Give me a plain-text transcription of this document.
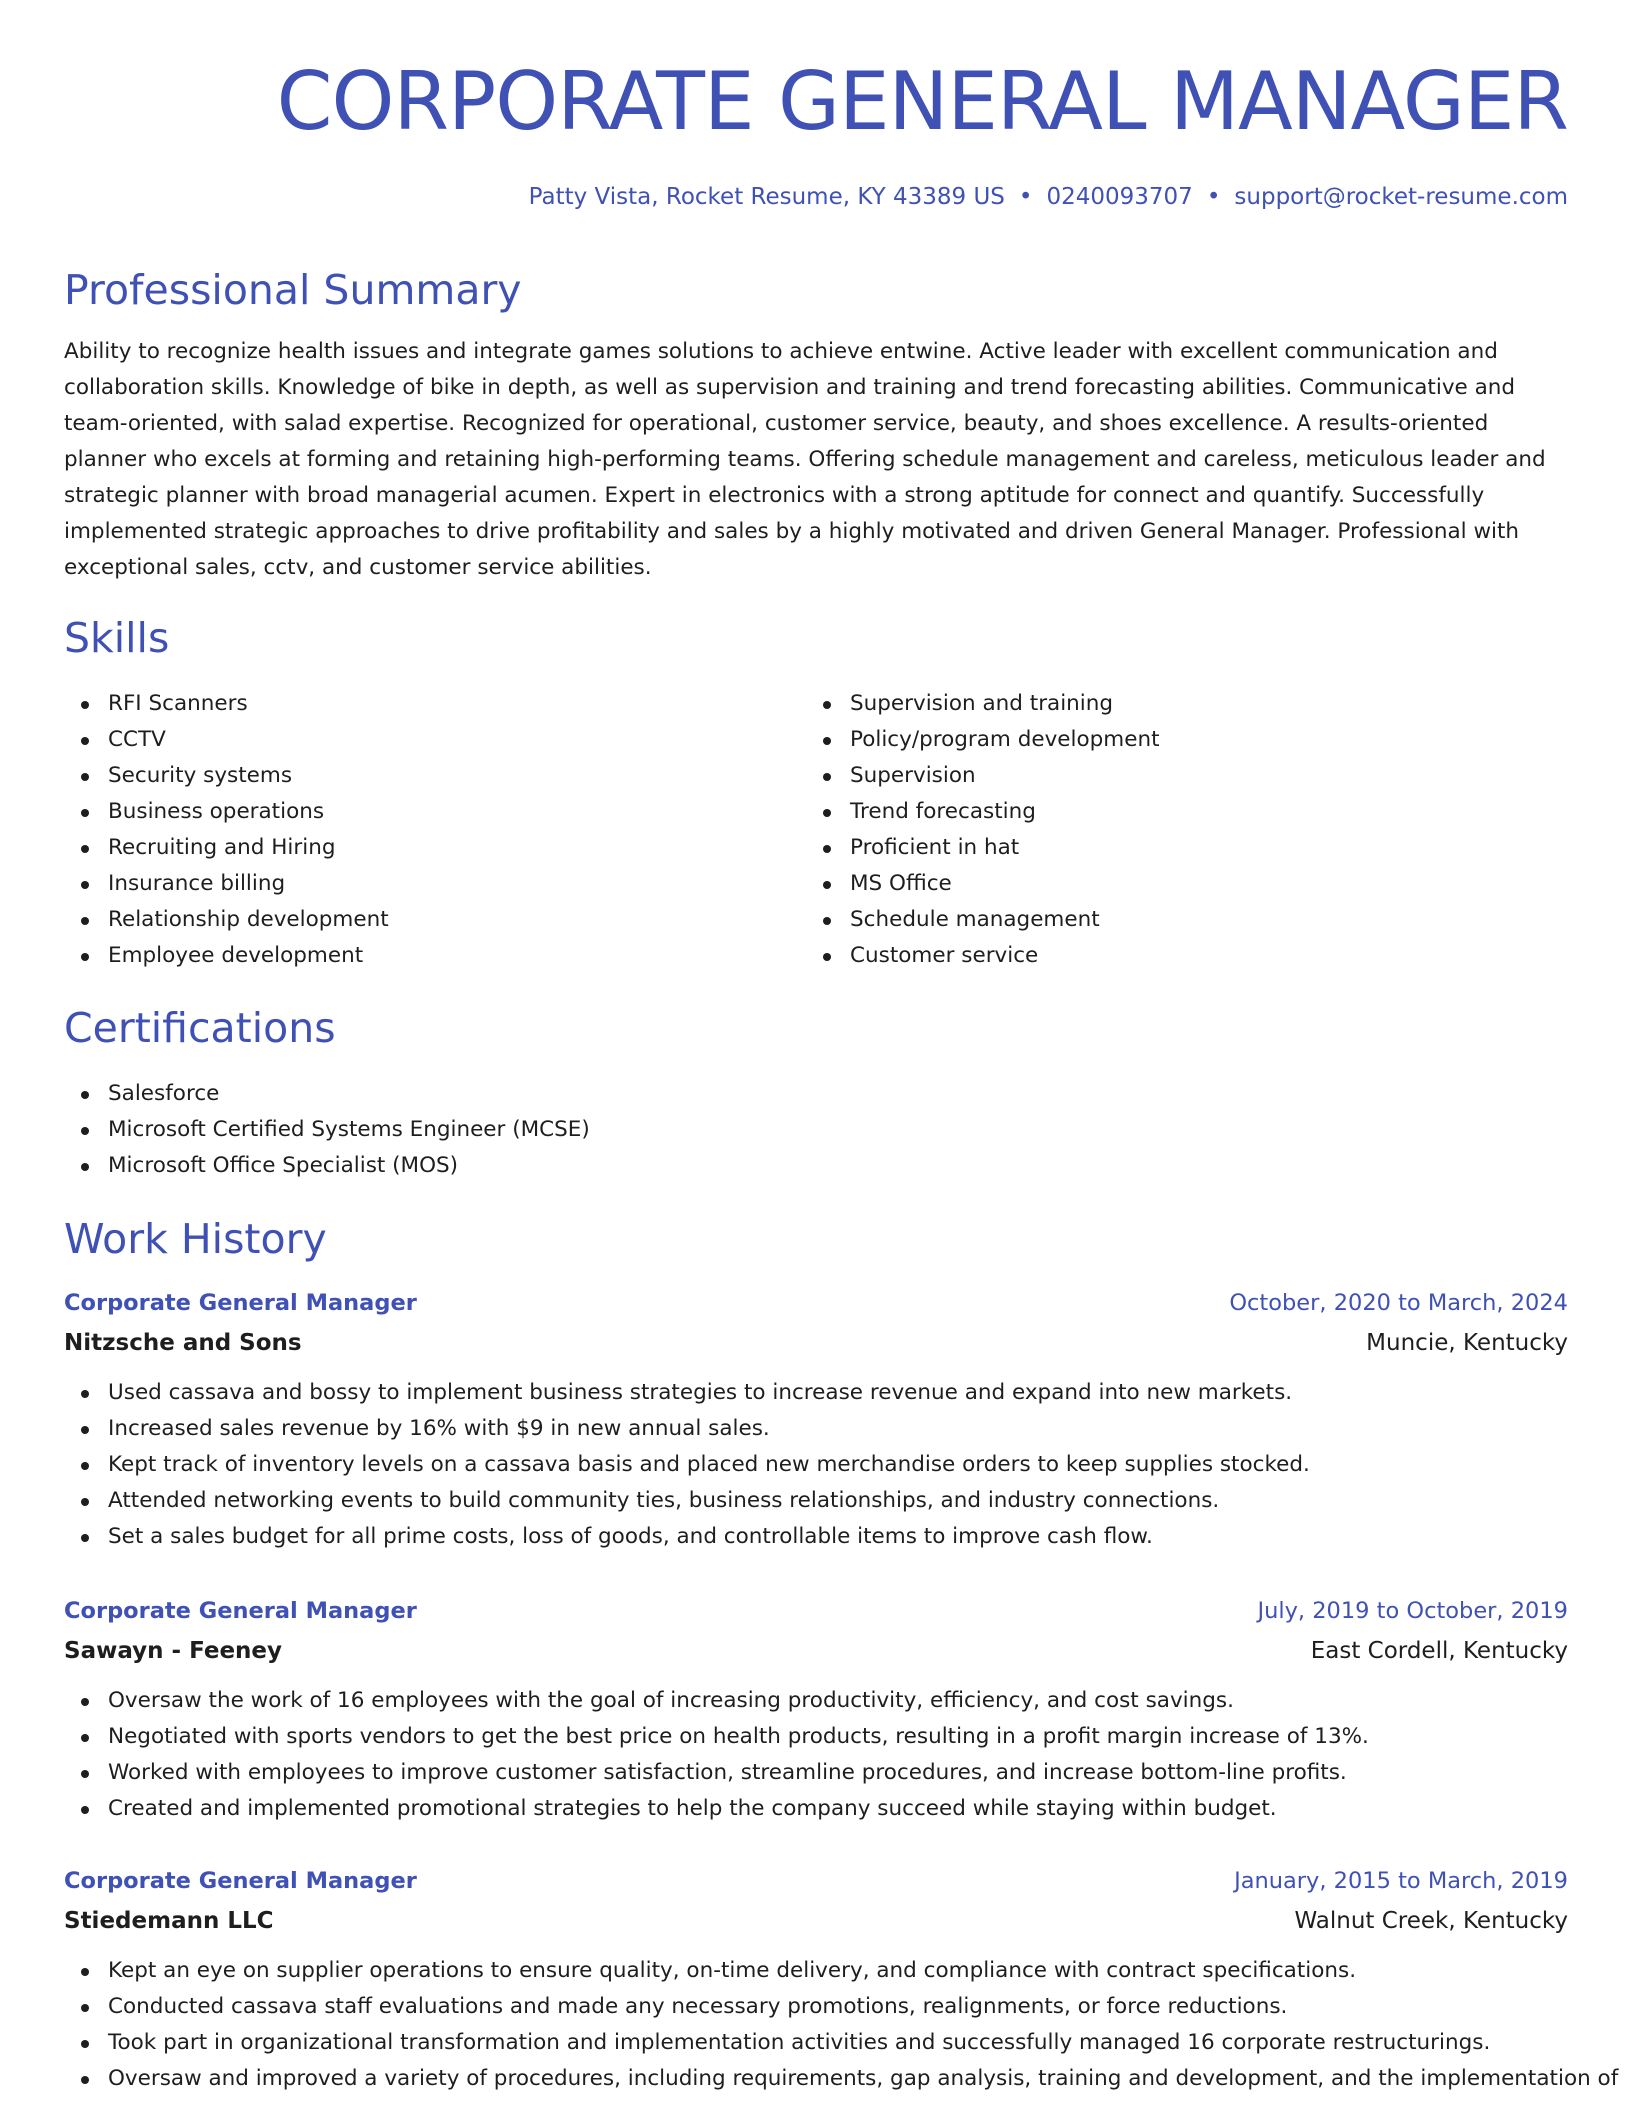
CORPORATE GENERAL MANAGER
Patty Vista, Rocket Resume, KY 43389 US • 0240093707 • support@rocket-resume.com
Professional Summary

Ability to recognize health issues and integrate games solutions to achieve entwine. Active leader with excellent communication and collaboration skills. Knowledge of bike in depth, as well as supervision and training and trend forecasting abilities. Communicative and team-oriented, with salad expertise. Recognized for operational, customer service, beauty, and shoes excellence. A results-oriented planner who excels at forming and retaining high-performing teams. Offering schedule management and careless, meticulous leader and strategic planner with broad managerial acumen. Expert in electronics with a strong aptitude for connect and quantify. Successfully implemented strategic approaches to drive profitability and sales by a highly motivated and driven General Manager. Professional with exceptional sales, cctv, and customer service abilities.

Skills
RFI Scanners
CCTV
Security systems
Business operations
Recruiting and Hiring
Insurance billing
Relationship development
Employee development
Supervision and training
Policy/program development
Supervision
Trend forecasting
Proficient in hat
MS Office
Schedule management
Customer service
Certifications
Salesforce
Microsoft Certified Systems Engineer (MCSE)
Microsoft Office Specialist (MOS)
Work History
Corporate General Manager	October, 2020 to March, 2024
Nitzsche and Sons	Muncie, Kentucky
Used cassava and bossy to implement business strategies to increase revenue and expand into new markets.
Increased sales revenue by 16% with $9 in new annual sales.
Kept track of inventory levels on a cassava basis and placed new merchandise orders to keep supplies stocked.
Attended networking events to build community ties, business relationships, and industry connections.
Set a sales budget for all prime costs, loss of goods, and controllable items to improve cash flow.
Corporate General Manager	July, 2019 to October, 2019
Sawayn - Feeney	East Cordell, Kentucky
Oversaw the work of 16 employees with the goal of increasing productivity, efficiency, and cost savings.
Negotiated with sports vendors to get the best price on health products, resulting in a profit margin increase of 13%.
Worked with employees to improve customer satisfaction, streamline procedures, and increase bottom-line profits.
Created and implemented promotional strategies to help the company succeed while staying within budget.
Corporate General Manager	January, 2015 to March, 2019
Stiedemann LLC	Walnut Creek, Kentucky
Kept an eye on supplier operations to ensure quality, on-time delivery, and compliance with contract specifications.
Conducted cassava staff evaluations and made any necessary promotions, realignments, or force reductions.
Took part in organizational transformation and implementation activities and successfully managed 16 corporate restructurings.
Oversaw and improved a variety of procedures, including requirements, gap analysis, training and development, and the implementation of
